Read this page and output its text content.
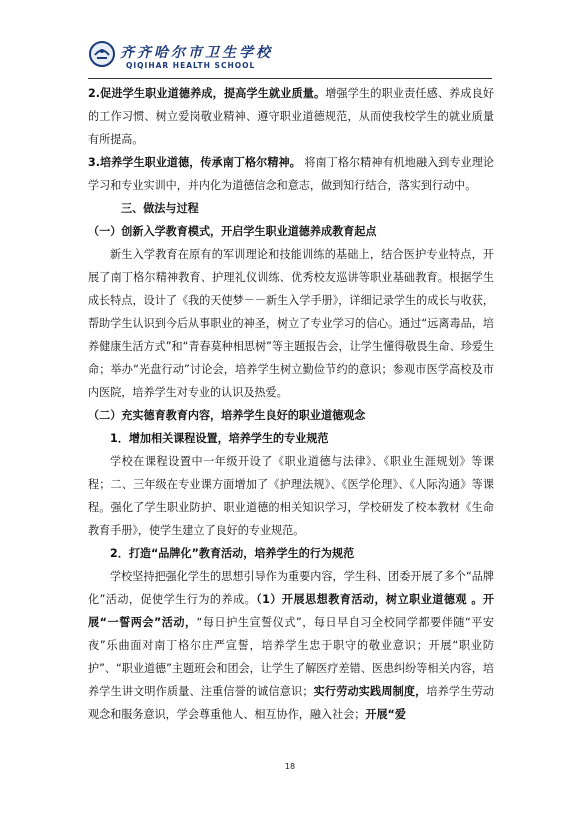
齐齐哈尔市卫生学校
QIQIHAR HEALTH SCHOOL

2.促进学生职业道德养成，提高学生就业质量。增强学生的职业责任感、养成良好的工作习惯、树立爱岗敬业精神、遵守职业道德规范，从而使我校学生的就业质量有所提高。

3.培养学生职业道德，传承南丁格尔精神。 将南丁格尔精神有机地融入到专业理论学习和专业实训中，并内化为道德信念和意志，做到知行结合，落实到行动中。

三、做法与过程

（一）创新入学教育模式，开启学生职业道德养成教育起点

新生入学教育在原有的军训理论和技能训练的基础上，结合医护专业特点，开展了南丁格尔精神教育、护理礼仪训练、优秀校友巡讲等职业基础教育。根据学生成长特点，设计了《我的天使梦－－新生入学手册》，详细记录学生的成长与收获，帮助学生认识到今后从事职业的神圣，树立了专业学习的信心。通过“远离毒品，培养健康生活方式”和“青春莫种相思树”等主题报告会，让学生懂得敬畏生命、珍爱生命；举办“光盘行动”讨论会，培养学生树立勤俭节约的意识；参观市医学高校及市内医院，培养学生对专业的认识及热爱。

（二）充实德育教育内容，培养学生良好的职业道德观念

1．增加相关课程设置，培养学生的专业规范

学校在课程设置中一年级开设了《职业道德与法律》、《职业生涯规划》等课程；二、三年级在专业课方面增加了《护理法规》、《医学伦理》、《人际沟通》等课程。强化了学生职业防护、职业道德的相关知识学习，学校研发了校本教材《生命教育手册》，使学生建立了良好的专业规范。

2．打造“品牌化”教育活动，培养学生的行为规范

学校坚持把强化学生的思想引导作为重要内容，学生科、团委开展了多个“品牌化”活动，促使学生行为的养成。（1）开展思想教育活动，树立职业道德观 。开展“一誓两会”活动，“每日护生宣誓仪式”，每日早自习全校同学都要伴随“平安夜”乐曲面对南丁格尔庄严宣誓，培养学生忠于职守的敬业意识；开展“职业防护”、“职业道德”主题班会和团会，让学生了解医疗差错、医患纠纷等相关内容，培养学生讲文明作质量、注重信誉的诚信意识；实行劳动实践周制度，培养学生劳动观念和服务意识，学会尊重他人、相互协作，融入社会；开展“爱

18
